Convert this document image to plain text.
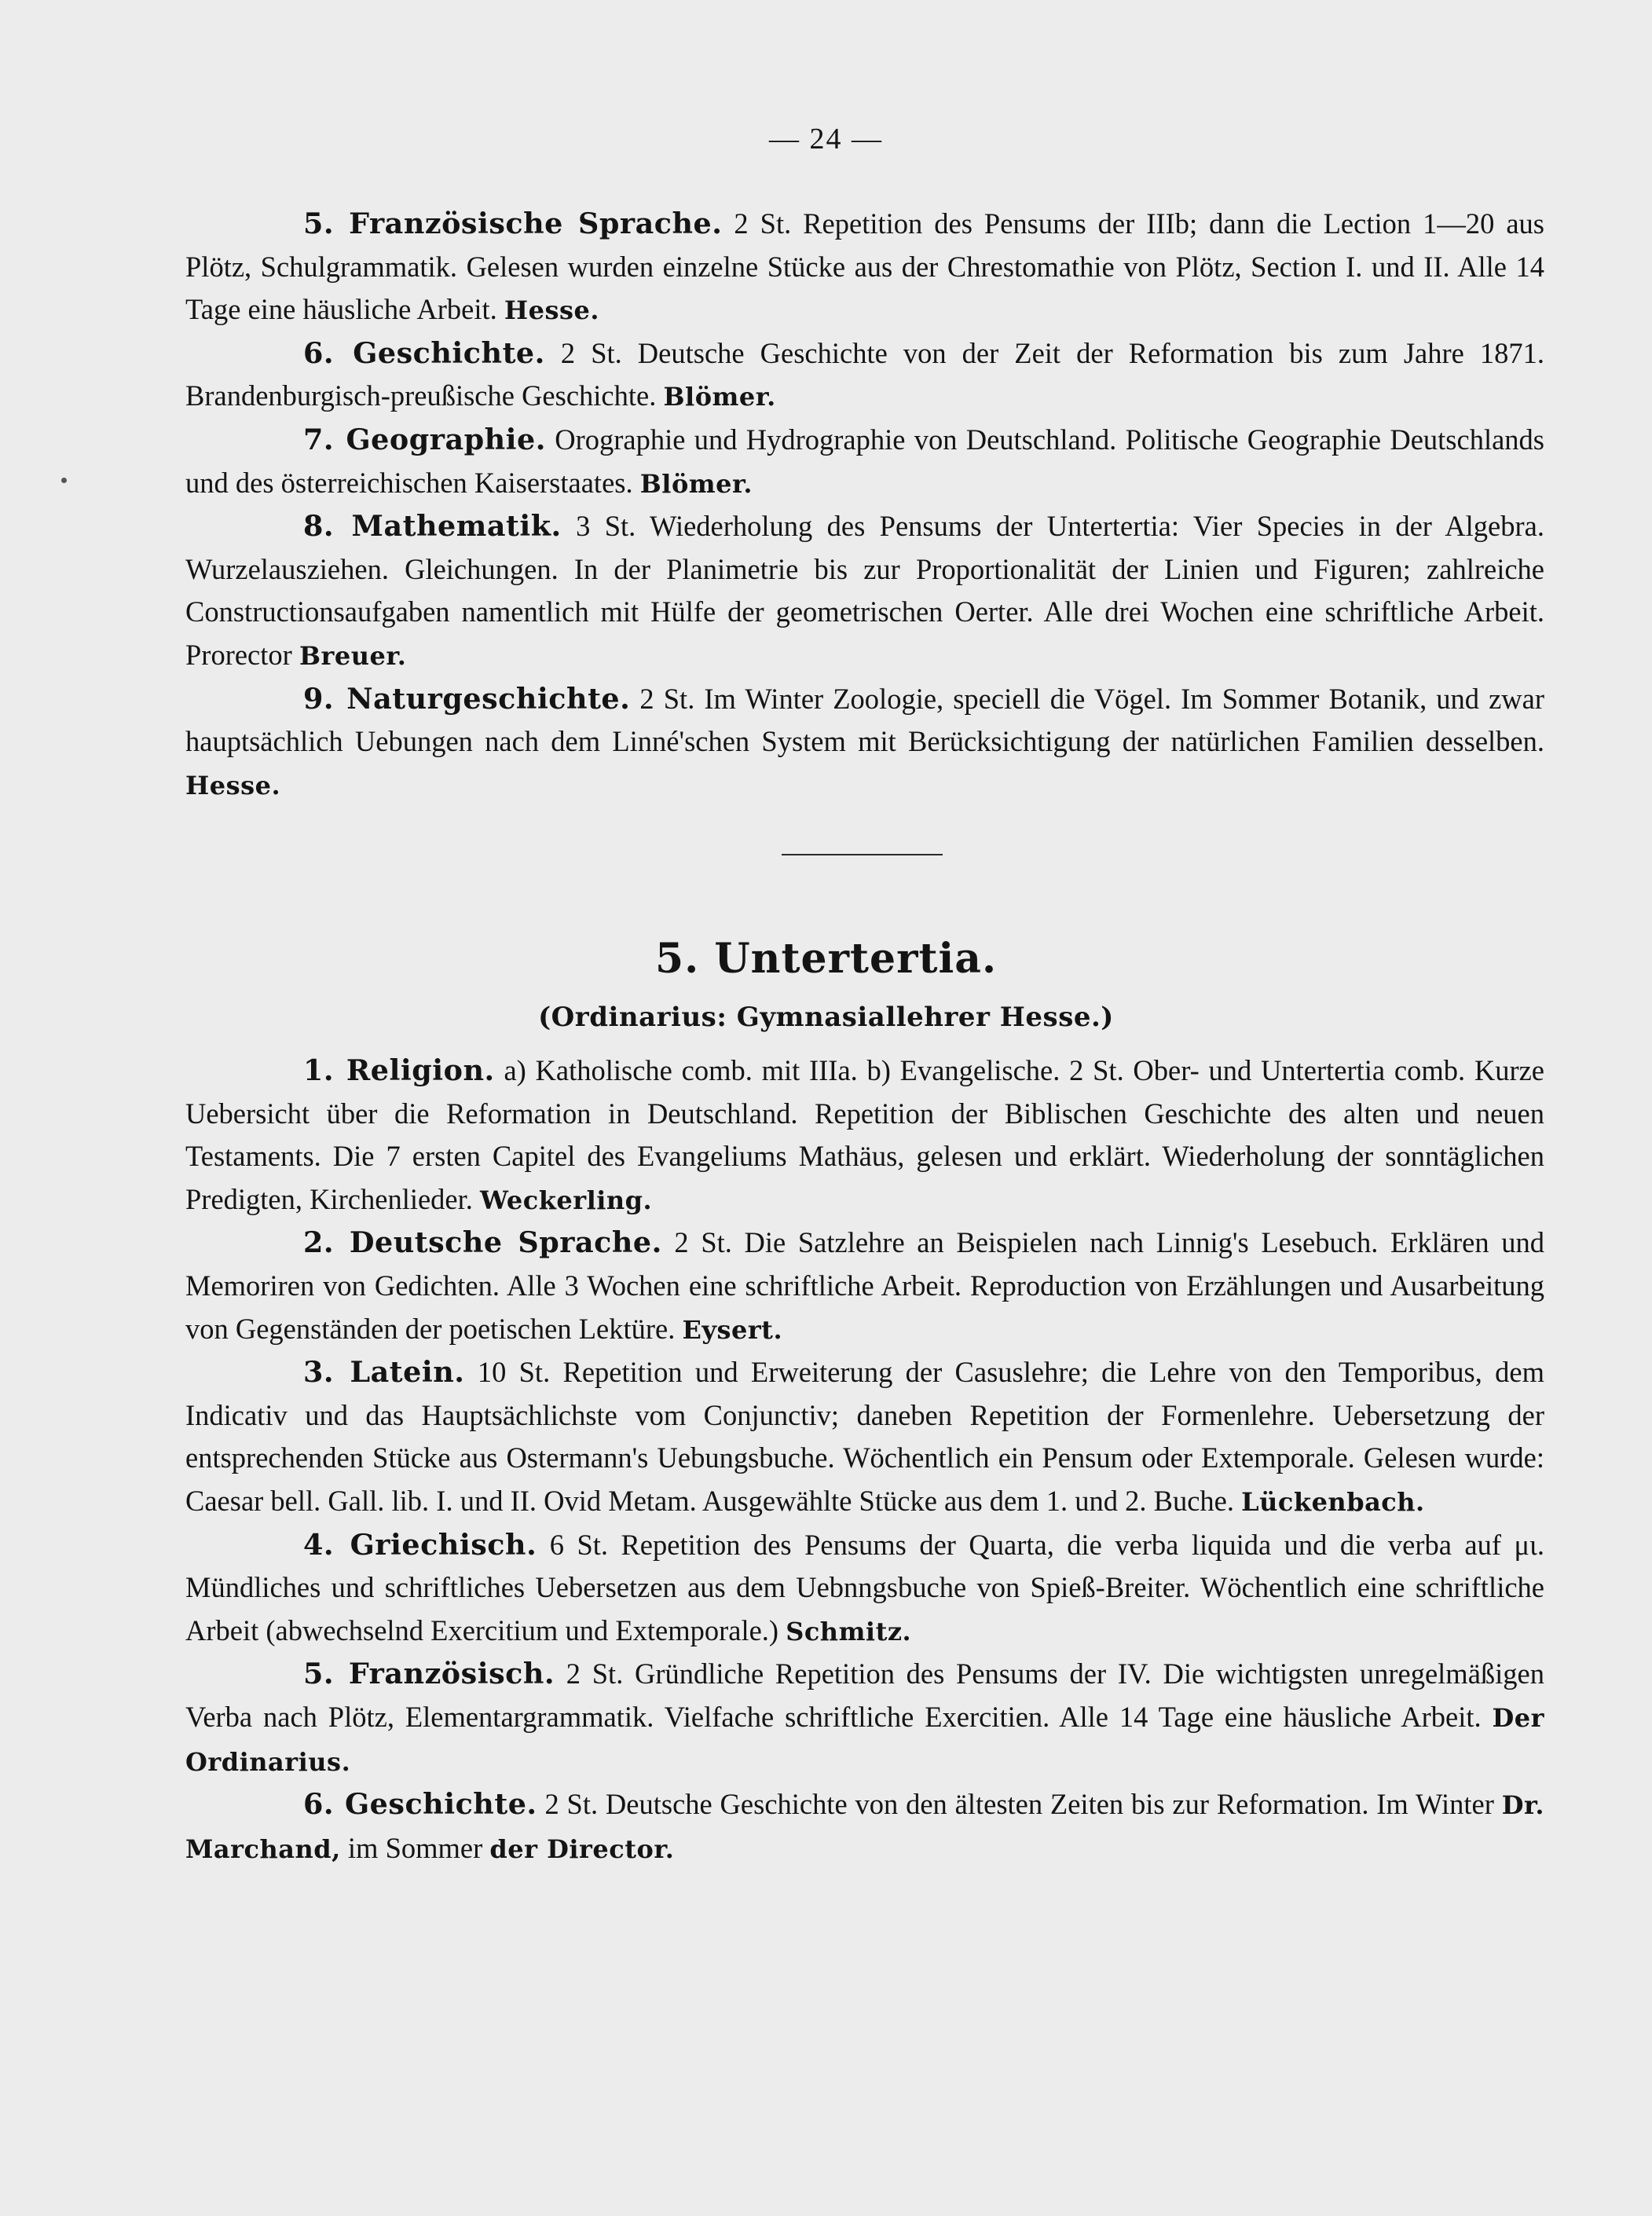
— 24 —

5. Französische Sprache. 2 St. Repetition des Pensums der IIIb; dann die Lection 1—20 aus Plötz, Schulgrammatik. Gelesen wurden einzelne Stücke aus der Chrestomathie von Plötz, Section I. und II. Alle 14 Tage eine häusliche Arbeit. Hesse.

6. Geschichte. 2 St. Deutsche Geschichte von der Zeit der Reformation bis zum Jahre 1871. Brandenburgisch-preußische Geschichte. Blömer.

7. Geographie. Orographie und Hydrographie von Deutschland. Politische Geographie Deutschlands und des österreichischen Kaiserstaates. Blömer.

8. Mathematik. 3 St. Wiederholung des Pensums der Untertertia: Vier Species in der Algebra. Wurzelausziehen. Gleichungen. In der Planimetrie bis zur Proportionalität der Linien und Figuren; zahlreiche Constructionsaufgaben namentlich mit Hülfe der geometrischen Oerter. Alle drei Wochen eine schriftliche Arbeit. Prorector Breuer.

9. Naturgeschichte. 2 St. Im Winter Zoologie, speciell die Vögel. Im Sommer Botanik, und zwar hauptsächlich Uebungen nach dem Linné'schen System mit Berücksichtigung der natürlichen Familien desselben. Hesse.

5. Untertertia.
(Ordinarius: Gymnasiallehrer Hesse.)

1. Religion. a) Katholische comb. mit IIIa. b) Evangelische. 2 St. Ober- und Untertertia comb. Kurze Uebersicht über die Reformation in Deutschland. Repetition der Biblischen Geschichte des alten und neuen Testaments. Die 7 ersten Capitel des Evangeliums Mathäus, gelesen und erklärt. Wiederholung der sonntäglichen Predigten, Kirchenlieder. Weckerling.

2. Deutsche Sprache. 2 St. Die Satzlehre an Beispielen nach Linnig's Lesebuch. Erklären und Memoriren von Gedichten. Alle 3 Wochen eine schriftliche Arbeit. Reproduction von Erzählungen und Ausarbeitung von Gegenständen der poetischen Lektüre. Eysert.

3. Latein. 10 St. Repetition und Erweiterung der Casuslehre; die Lehre von den Temporibus, dem Indicativ und das Hauptsächlichste vom Conjunctiv; daneben Repetition der Formenlehre. Uebersetzung der entsprechenden Stücke aus Ostermann's Uebungsbuche. Wöchentlich ein Pensum oder Extemporale. Gelesen wurde: Caesar bell. Gall. lib. I. und II. Ovid Metam. Ausgewählte Stücke aus dem 1. und 2. Buche. Lückenbach.

4. Griechisch. 6 St. Repetition des Pensums der Quarta, die verba liquida und die verba auf μι. Mündliches und schriftliches Uebersetzen aus dem Uebnngsbuche von Spieß-Breiter. Wöchentlich eine schriftliche Arbeit (abwechselnd Exercitium und Extemporale.) Schmitz.

5. Französisch. 2 St. Gründliche Repetition des Pensums der IV. Die wichtigsten unregelmäßigen Verba nach Plötz, Elementargrammatik. Vielfache schriftliche Exercitien. Alle 14 Tage eine häusliche Arbeit. Der Ordinarius.

6. Geschichte. 2 St. Deutsche Geschichte von den ältesten Zeiten bis zur Reformation. Im Winter Dr. Marchand, im Sommer der Director.
